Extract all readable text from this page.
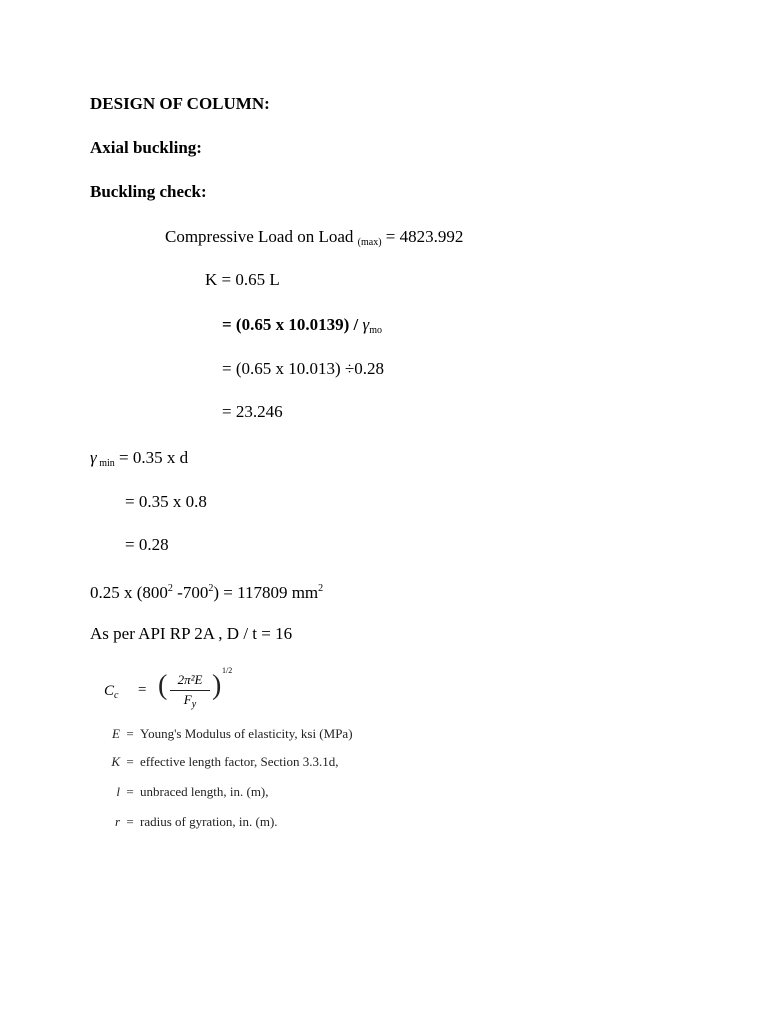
DESIGN OF COLUMN:
Axial buckling:
Buckling check:
Compressive Load on Load $_{(max)}$ = 4823.992
K = 0.65 L
= (0.65 x $10.0139) / \gamma_{mo}$
= (0.65 x 10.013) ÷0.28
= 23.246
γ $_{min}$ = 0.35 x d
= 0.35 x 0.8
= 0.28
0.25 x ($800^2$ $-700^2) = 117809$ $mm^2$
As per API RP 2A , D / t = 16
$C_c$ = ( 2π²E
$F_y$
) 1/2
E = Young's Modulus of elasticity, ksi (MPa)
K = effective length factor, Section 3.3.1d,
l = unbraced length, in. (m),
r = radius of gyration, in. (m).
